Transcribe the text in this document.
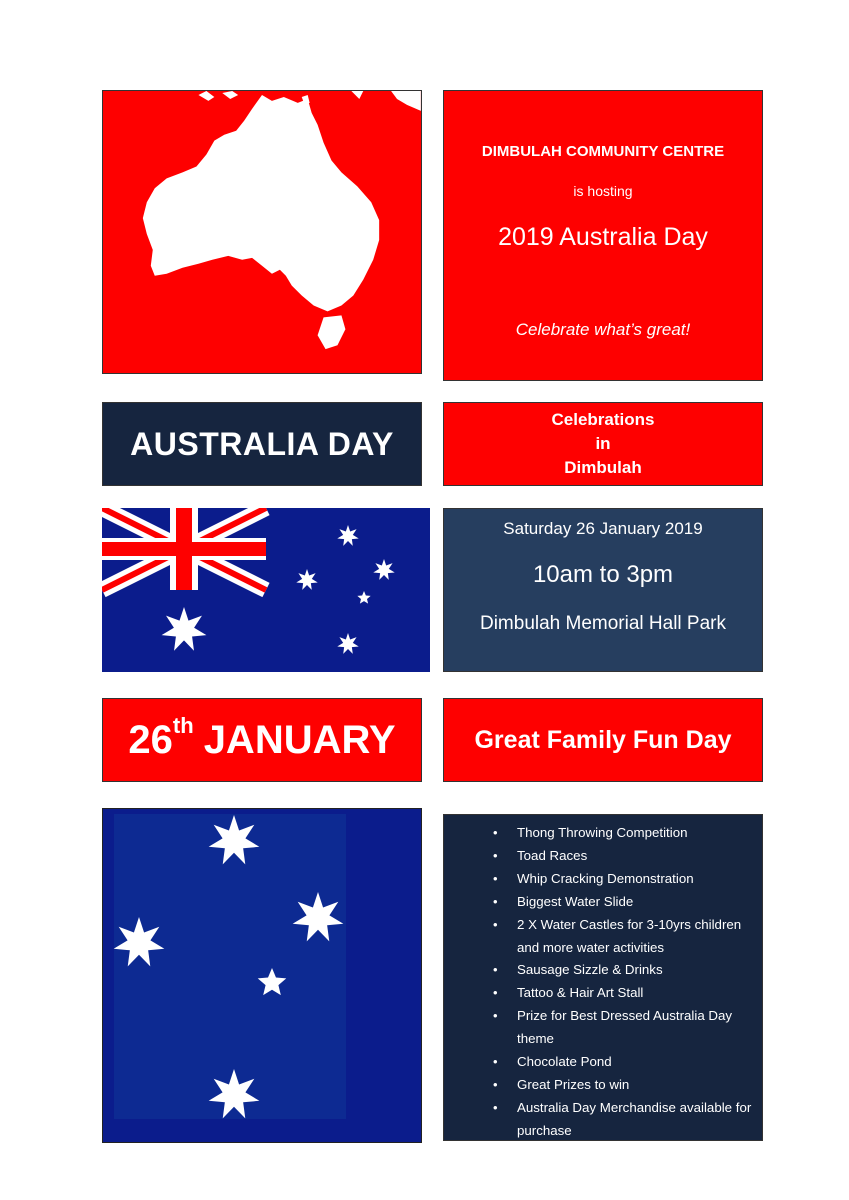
DIMBULAH COMMUNITY CENTRE
is hosting
2019 Australia Day
Celebrate what’s great!
AUSTRALIA DAY
Celebrations
in
Dimbulah
Saturday 26 January 2019
10am to 3pm
Dimbulah Memorial Hall Park
26th JANUARY	Great Family Fun Day
• Thong Throwing Competition
• Toad Races
• Whip Cracking Demonstration
• Biggest Water Slide
• 2 X Water Castles for 3-10yrs children and more water activities
• Sausage Sizzle & Drinks
• Tattoo & Hair Art Stall
• Prize for Best Dressed Australia Day theme
• Chocolate Pond
• Great Prizes to win
• Australia Day Merchandise available for purchase
